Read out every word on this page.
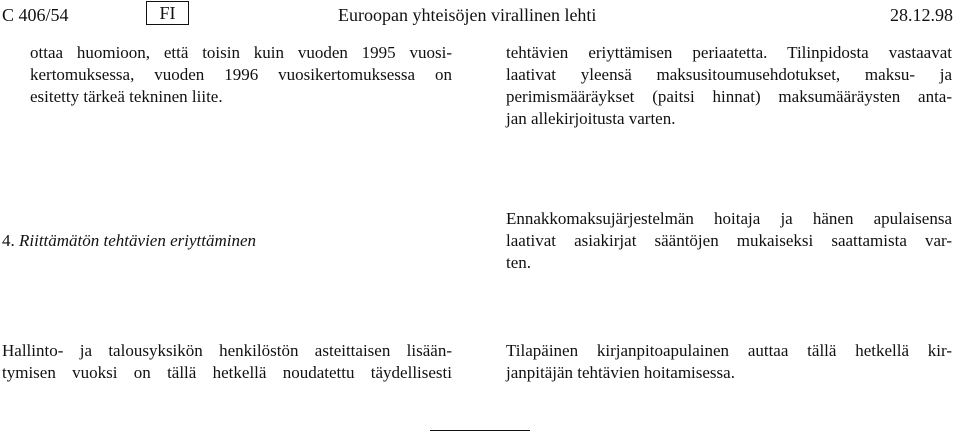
C 406/54	FI	Euroopan yhteisöjen virallinen lehti	28.12.98

ottaa huomioon, että toisin kuin vuoden 1995 vuosi-
kertomuksessa, vuoden 1996 vuosikertomuksessa on
esitetty tärkeä tekninen liite.

tehtävien eriyttämisen periaatetta. Tilinpidosta vastaavat
laativat yleensä maksusitoumusehdotukset, maksu- ja
perimismääräykset (paitsi hinnat) maksumääräysten anta-
jan allekirjoitusta varten.

4. Riittämätön tehtävien eriyttäminen

Ennakkomaksujärjestelmän hoitaja ja hänen apulaisensa
laativat asiakirjat sääntöjen mukaiseksi saattamista var-
ten.

Hallinto- ja talousyksikön henkilöstön asteittaisen lisään-
tymisen vuoksi on tällä hetkellä noudatettu täydellisesti

Tilapäinen kirjanpitoapulainen auttaa tällä hetkellä kir-
janpitäjän tehtävien hoitamisessa.
